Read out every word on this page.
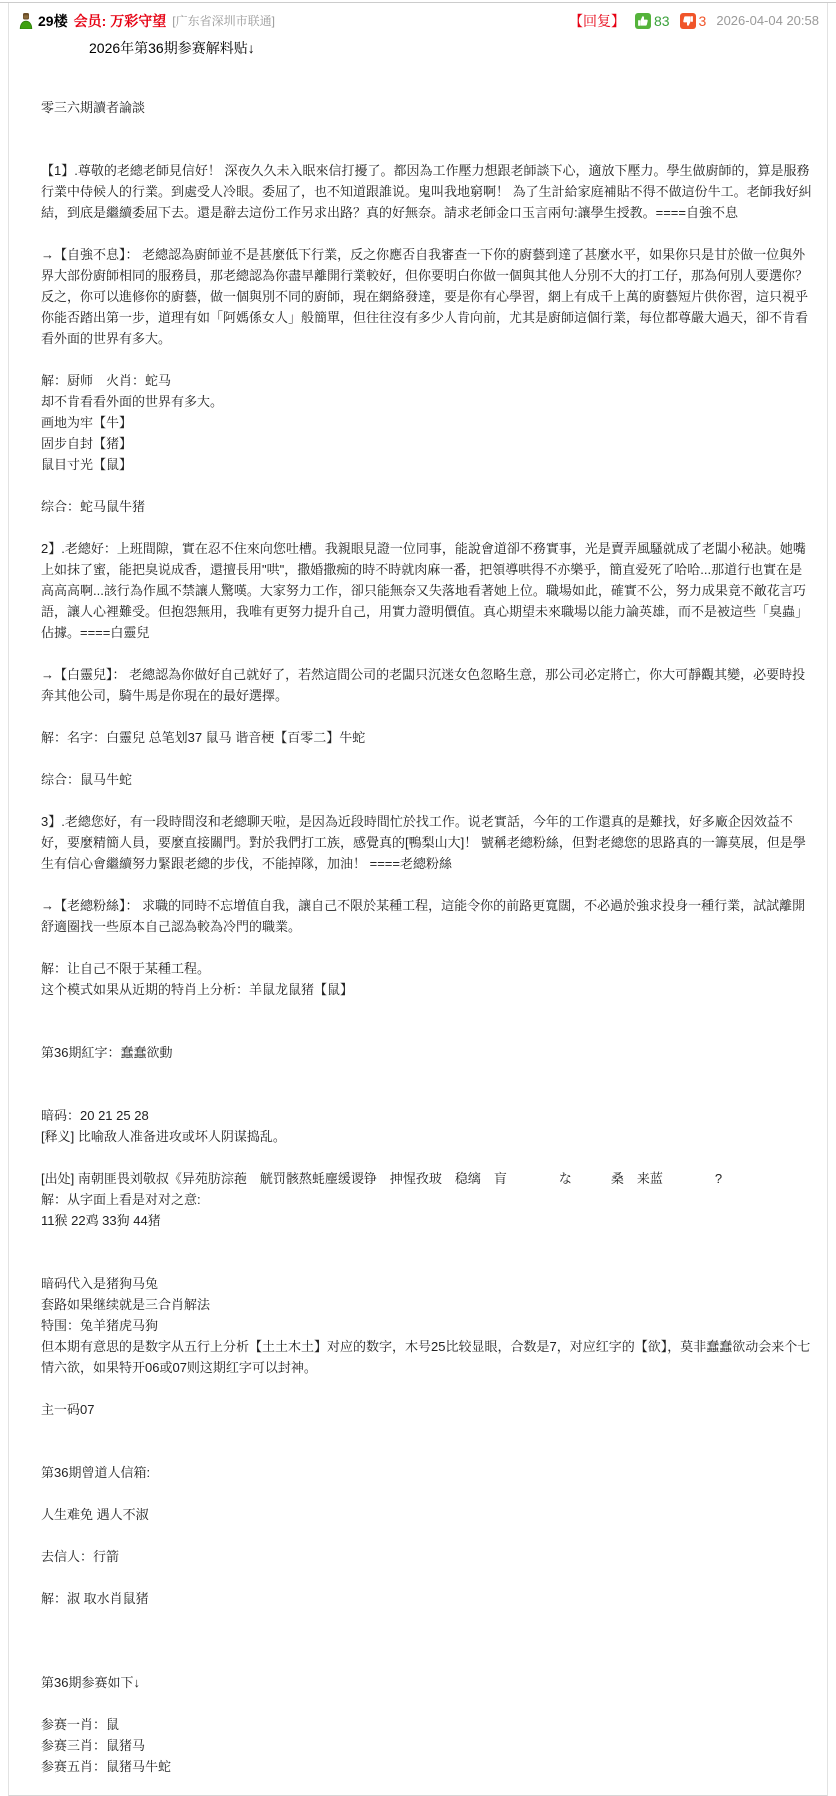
29楼 会员: 万彩守望 [广东省深圳市联通]	【回复】 83 3 2026-04-04 20:58
2026年第36期参赛解料贴↓
零三六期讀者論談
【1】.尊敬的老總老師見信好！ 深夜久久未入眠來信打擾了。都因為工作壓力想跟老師談下心，適放下壓力。學生做廚師的，算是服務行業中侍候人的行業。到處受人冷眼。委屈了，也不知道跟誰说。鬼叫我地窮啊！ 為了生計給家庭補貼不得不做這份牛工。老師我好糾結，到底是繼續委屈下去。還是辭去這份工作另求出路？真的好無奈。請求老師金口玉言兩句:讓學生授教。====自強不息
→【自強不息】： 老總認為廚師並不是甚麼低下行業，反之你應否自我審查一下你的廚藝到達了甚麼水平，如果你只是甘於做一位與外界大部份廚師相同的服務員，那老總認為你盡早離開行業較好，但你要明白你做一個與其他人分別不大的打工仔，那為何別人要選你？反之，你可以進修你的廚藝，做一個與別不同的廚師，現在網絡發達，要是你有心學習，網上有成千上萬的廚藝短片供你習，這只視乎你能否踏出第一步，道理有如「阿媽係女人」般簡單，但往往沒有多少人肯向前，尤其是廚師這個行業，每位都尊嚴大過天，卻不肯看看外面的世界有多大。
解：厨师　火肖：蛇马
却不肯看看外面的世界有多大。
画地为牢【牛】
固步自封【猪】
鼠目寸光【鼠】
综合：蛇马鼠牛猪
2】.老總好：上班間隙，實在忍不住來向您吐槽。我親眼見證一位同事，能說會道卻不務實事，光是賣弄風騷就成了老闆小秘訣。她嘴上如抹了蜜，能把臭说成香，還擅長用"哄"，撒婚撒痴的時不時就肉麻一番，把領導哄得不亦樂乎，簡直爱死了哈哈...那道行也實在是高高高啊...該行為作風不禁讓人驚嘆。大家努力工作，卻只能無奈又失落地看著她上位。職場如此，確實不公，努力成果竟不敵花言巧語，讓人心裡難受。但抱怨無用，我唯有更努力提升自己，用實力證明價值。真心期望未來職場以能力論英雄，而不是被這些「臭蟲」佔據。====白靈兒
→【白靈兒】： 老總認為你做好自己就好了，若然這間公司的老闆只沉迷女色忽略生意，那公司必定將亡，你大可靜觀其變，必要時投奔其他公司，騎牛馬是你現在的最好選擇。
解：名字：白靈兒 总笔划37 鼠马 谐音梗【百零二】牛蛇
综合：鼠马牛蛇
3】.老總您好，有一段時間沒和老總聊天啦，是因為近段時間忙於找工作。说老實話，今年的工作還真的是難找，好多廠企因效益不好，要麼精簡人員，要麼直接關門。對於我們打工族，感覺真的[鴨梨山大]！ 號稱老總粉絲，但對老總您的思路真的一籌莫展，但是學生有信心會繼續努力緊跟老總的步伐，不能掉隊，加油！ ====老總粉絲
→【老總粉絲】： 求職的同時不忘增值自我，讓自己不限於某種工程，這能令你的前路更寬闊，不必過於強求投身一種行業，試試離開舒適圈找一些原本自己認為較為冷門的職業。
解：让自己不限于某種工程。
这个模式如果从近期的特肖上分析：羊鼠龙鼠猪【鼠】
第36期紅字：蠢蠢欲動
暗码：20 21 25 28
[释义] 比喻敌人准备进攻或坏人阴谋捣乱。
[出处] 南朝匪畏刘敬叔《异苑肪淙菢　觥罚骸熬蚝麈缓谡铮　抻惺孜玻　稳缡　肓　　　　な　　　桑　来蓝　　　　?
解：从字面上看是对对之意:
11猴 22鸡 33狗 44猪
暗码代入是猪狗马兔
套路如果继续就是三合肖解法
特围：兔羊猪虎马狗
但本期有意思的是数字从五行上分析【土土木土】对应的数字，木号25比较显眼，合数是7，对应红字的【欲】，莫非蠢蠢欲动会来个七情六欲，如果特开06或07则这期红字可以封神。
主一码07
第36期曾道人信箱:
人生难免 遇人不淑
去信人：行箭
解：淑 取水肖鼠猪
第36期参赛如下↓
参赛一肖：鼠
参赛三肖：鼠猪马
参赛五肖：鼠猪马牛蛇
